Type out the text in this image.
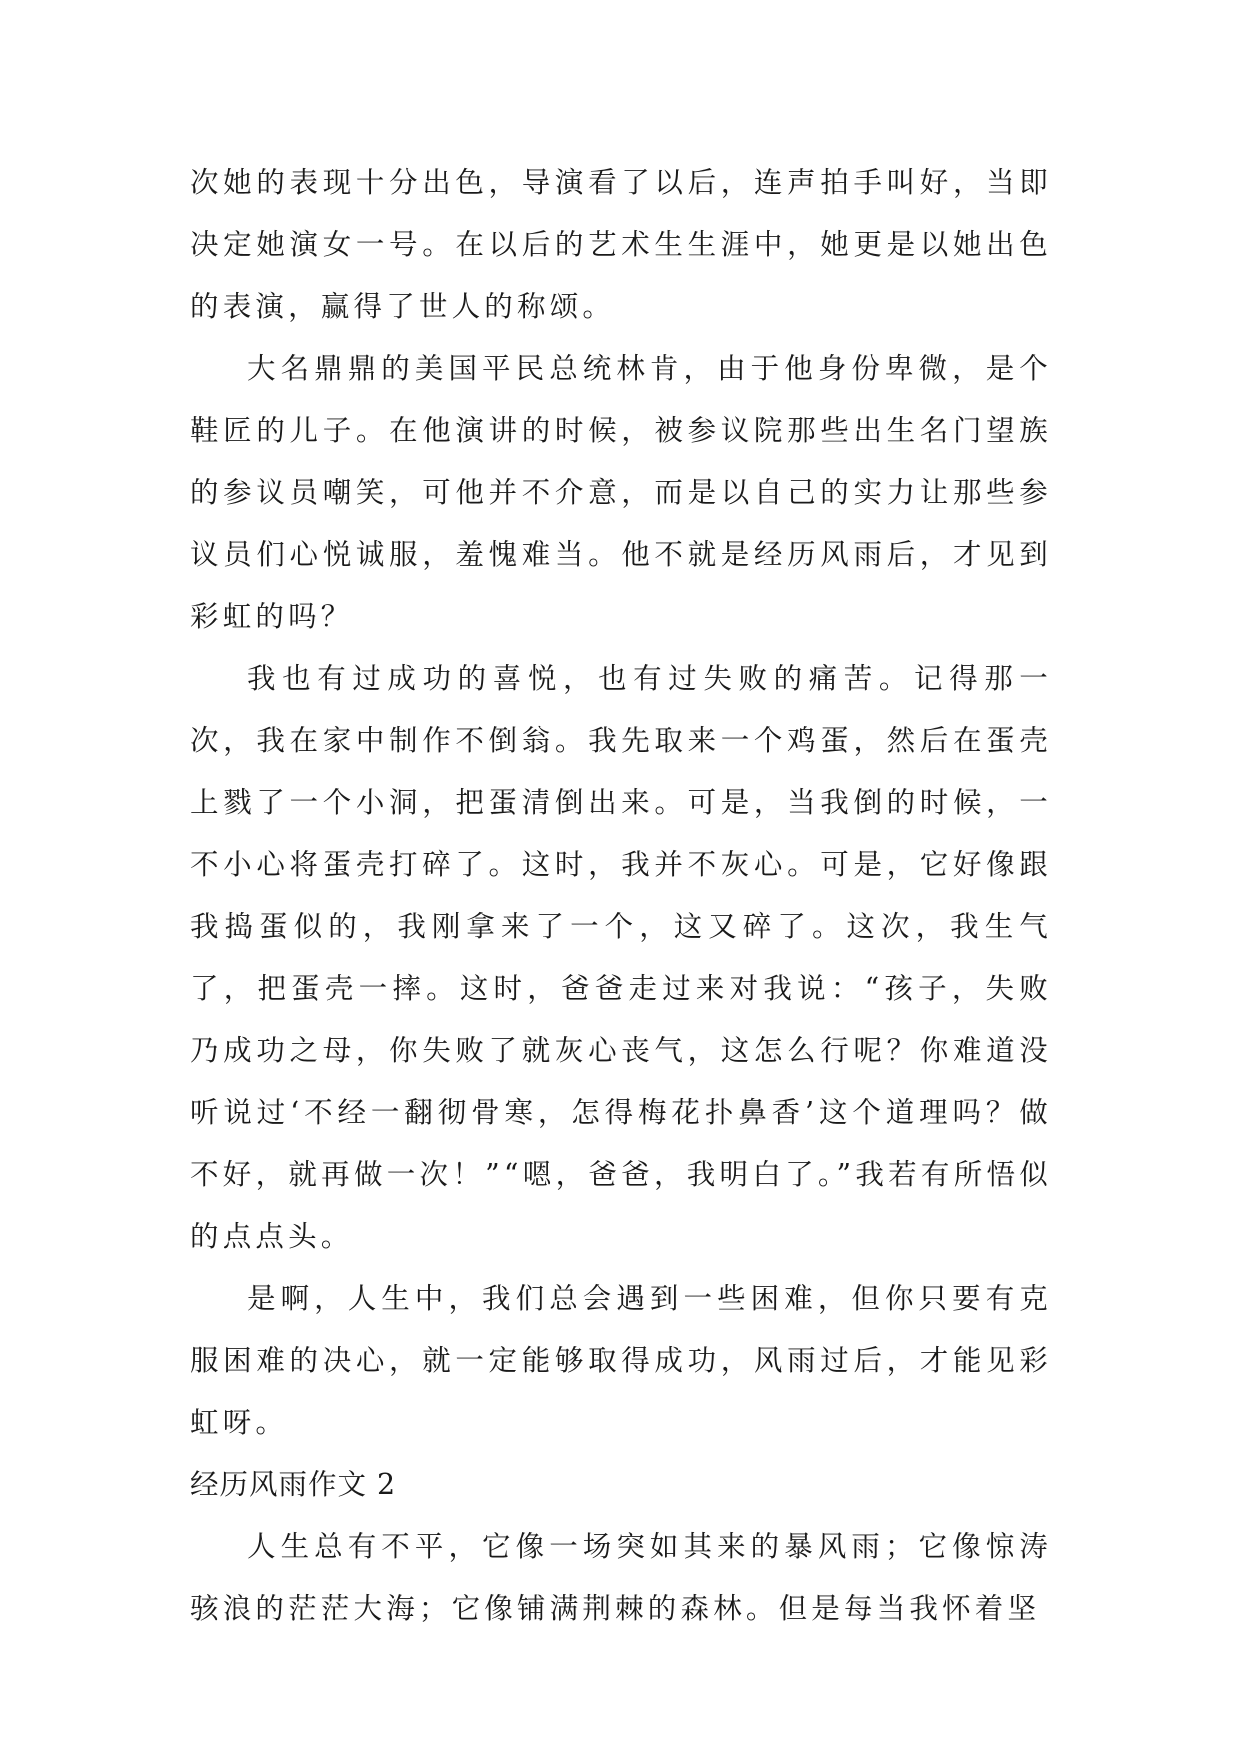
次她的表现十分出色，导演看了以后，连声拍手叫好，当即决定她演女一号。在以后的艺术生生涯中，她更是以她出色的表演，赢得了世人的称颂。

大名鼎鼎的美国平民总统林肯，由于他身份卑微，是个鞋匠的儿子。在他演讲的时候，被参议院那些出生名门望族的参议员嘲笑，可他并不介意，而是以自己的实力让那些参议员们心悦诚服，羞愧难当。他不就是经历风雨后，才见到彩虹的吗？

我也有过成功的喜悦，也有过失败的痛苦。记得那一次，我在家中制作不倒翁。我先取来一个鸡蛋，然后在蛋壳上戮了一个小洞，把蛋清倒出来。可是，当我倒的时候，一不小心将蛋壳打碎了。这时，我并不灰心。可是，它好像跟我捣蛋似的，我刚拿来了一个，这又碎了。这次，我生气了，把蛋壳一摔。这时，爸爸走过来对我说：“孩子，失败乃成功之母，你失败了就灰心丧气，这怎么行呢？你难道没听说过‘不经一翻彻骨寒，怎得梅花扑鼻香’这个道理吗？做不好，就再做一次！”“嗯，爸爸，我明白了。”我若有所悟似的点点头。

是啊，人生中，我们总会遇到一些困难，但你只要有克服困难的决心，就一定能够取得成功，风雨过后，才能见彩虹呀。

经历风雨作文 2

人生总有不平，它像一场突如其来的暴风雨；它像惊涛骇浪的茫茫大海；它像铺满荆棘的森林。但是每当我怀着坚
